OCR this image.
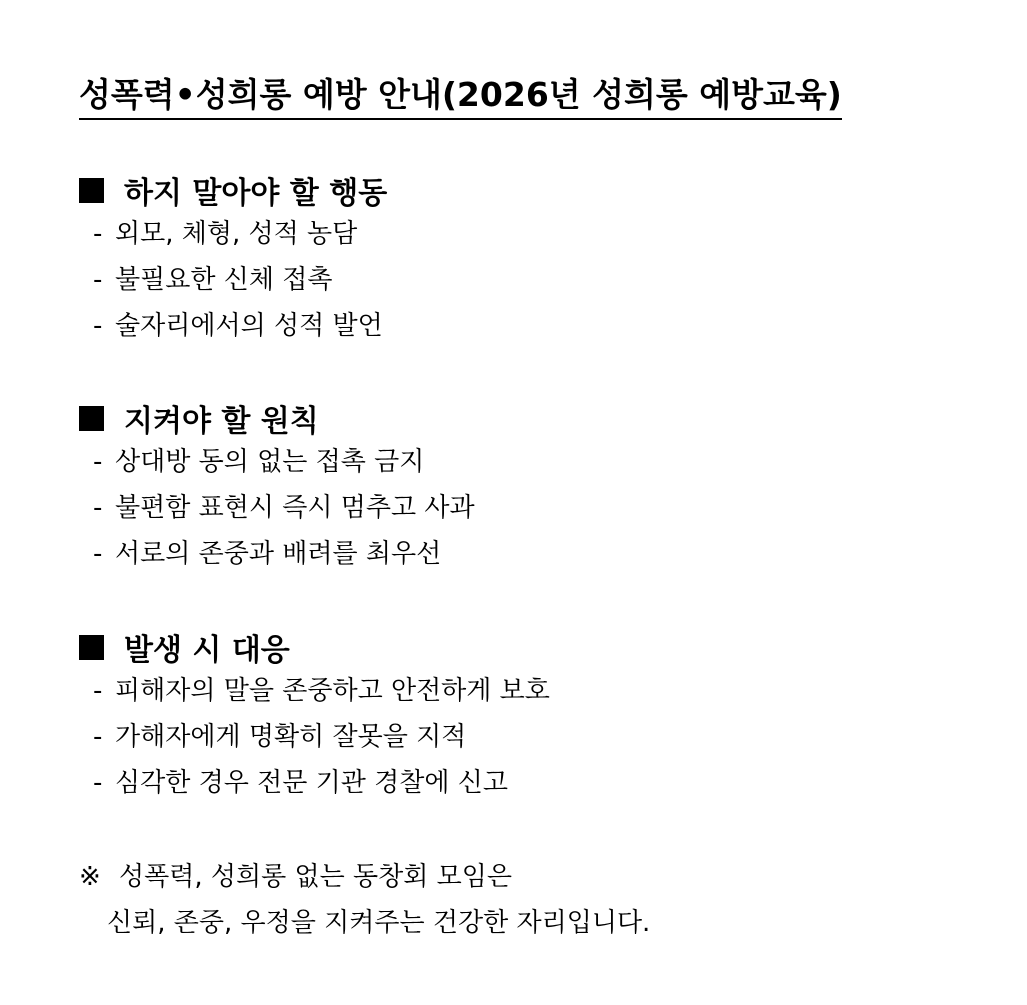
성폭력•성희롱 예방 안내(2026년 성희롱 예방교육)
하지 말아야 할 행동
- 외모, 체형, 성적 농담
- 불필요한 신체 접촉
- 술자리에서의 성적 발언
지켜야 할 원칙
- 상대방 동의 없는 접촉 금지
- 불편함 표현시 즉시 멈추고 사과
- 서로의 존중과 배려를 최우선
발생 시 대응
- 피해자의 말을 존중하고 안전하게 보호
- 가해자에게 명확히 잘못을 지적
- 심각한 경우 전문 기관 경찰에 신고
※ 성폭력, 성희롱 없는 동창회 모임은
신뢰, 존중, 우정을 지켜주는 건강한 자리입니다.
